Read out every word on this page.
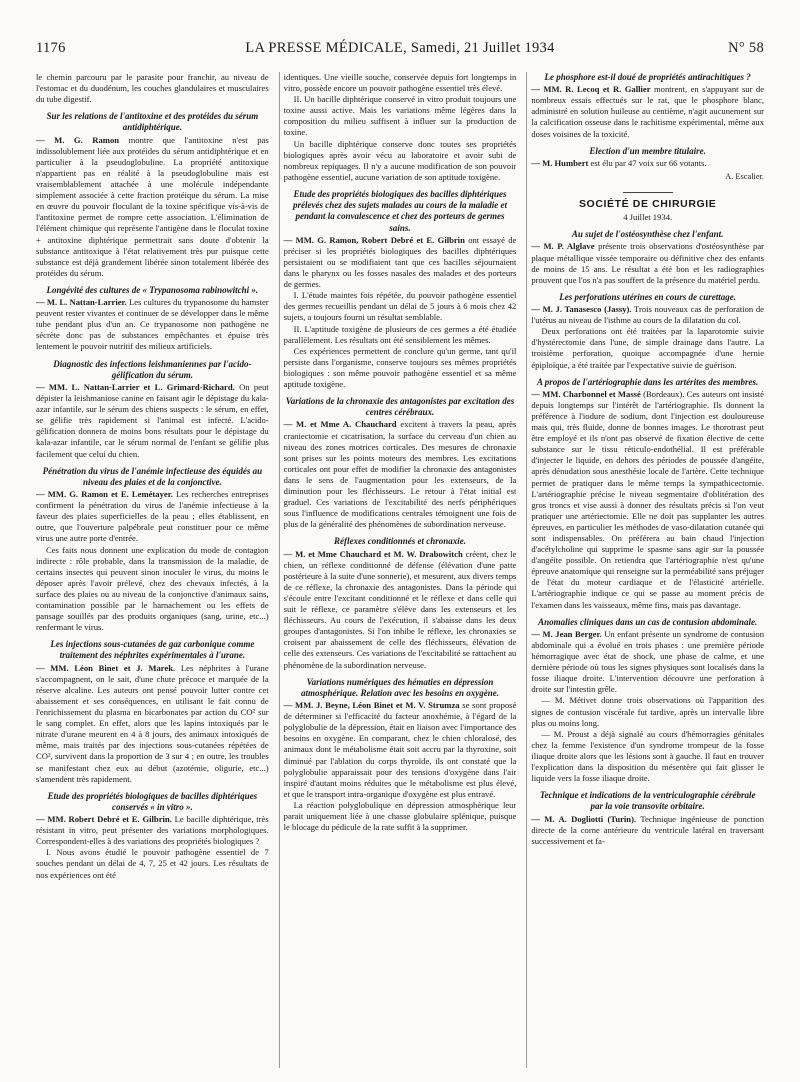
1176	LA PRESSE MÉDICALE, Samedi, 21 Juillet 1934	N° 58

le chemin parcouru par le parasite pour franchir, au niveau de l'estomac et du duodénum, les couches glandulaires et musculaires du tube digestif.

Sur les relations de l'antitoxine et des protéides du sérum antidiphtérique.

— M. G. Ramon montre que l'antitoxine n'est pas indissolublement liée aux protéides du sérum antidiphtérique et en particulier à la pseudoglobuline. La propriété antitoxique n'appartient pas en réalité à la pseudoglobuline mais est vraisemblablement attachée à une molécule indépendante simplement associée à cette fraction protéique du sérum. La mise en œuvre du pouvoir floculant de la toxine spécifique vis-à-vis de l'antitoxine permet de rompre cette association. L'élimination de l'élément chimique qui représente l'antigène dans le floculat toxine + antitoxine diphtérique permettrait sans doute d'obtenir la substance antitoxique à l'état relativement très pur puisque cette substance est déjà grandement libérée sinon totalement libérée des protéides du sérum.

Longévité des cultures de « Trypanosoma rabinowitchi ».

— M. L. Nattan-Larrier. Les cultures du trypanosome du hamster peuvent rester vivantes et continuer de se développer dans le même tube pendant plus d'un an. Ce trypanosome non pathogène ne sécrète donc pas de substances empêchantes et épuise très lentement le pouvoir nutritif des milieux artificiels.

Diagnostic des infections leishmaniennes par l'acido-gélification du sérum.

— MM. L. Nattan-Larrier et L. Grimard-Richard. On peut dépister la leishmaniose canine en faisant agir le dépistage du kala-azar infantile, sur le sérum des chiens suspects : le sérum, en effet, se gélifie très rapidement si l'animal est infecté. L'acido-gélification donnera de moins bons résultats pour le dépistage du kala-azar infantile, car le sérum normal de l'enfant se gélifie plus facilement que celui du chien.

Pénétration du virus de l'anémie infectieuse des équidés au niveau des plaies et de la conjonctive.

— MM. G. Ramon et E. Lemétayer. Les recherches entreprises confirment la pénétration du virus de l'anémie infectieuse à la faveur des plaies superficielles de la peau ; elles établissent, en outre, que l'ouverture palpébrale peut constituer pour ce même virus une autre porte d'entrée.

Ces faits nous donnent une explication du mode de contagion indirecte : rôle probable, dans la transmission de la maladie, de certains insectes qui peuvent sinon inoculer le virus, du moins le déposer après l'avoir prélevé, chez des chevaux infectés, à la surface des plaies ou au niveau de la conjonctive d'animaux sains, contamination possible par le harnachement ou les effets de pansage souillés par des produits organiques (sang, urine, etc...) renfermant le virus.

Les injections sous-cutanées de gaz carbonique comme traitement des néphrites expérimentales à l'urane.

— MM. Léon Binet et J. Marek. Les néphrites à l'urane s'accompagnent, on le sait, d'une chute précoce et marquée de la réserve alcaline. Les auteurs ont pensé pouvoir lutter contre cet abaissement et ses conséquences, en utilisant le fait connu de l'enrichissement du plasma en bicarbonates par action du CO² sur le sang complet. En effet, alors que les lapins intoxiqués par le nitrate d'urane meurent en 4 à 8 jours, des animaux intoxiqués de même, mais traités par des injections sous-cutanées répétées de CO², survivent dans la proportion de 3 sur 4 ; en outre, les troubles se manifestant chez eux au début (azotémie, oligurie, etc...) s'amendent très rapidement.

Etude des propriétés biologiques de bacilles diphtériques conservés « in vitro ».

— MM. Robert Debré et E. Gilbrin. Le bacille diphtérique, très résistant in vitro, peut présenter des variations morphologiques. Correspondent-elles à des variations des propriétés biologiques ?

I. Nous avons étudié le pouvoir pathogène essentiel de 7 souches pendant un délai de 4, 7, 25 et 42 jours. Les résultats de nos expériences ont été

identiques. Une vieille souche, conservée depuis fort longtemps in vitro, possède encore un pouvoir pathogène essentiel très élevé.

II. Un bacille diphtérique conservé in vitro produit toujours une toxine aussi active. Mais les variations même légères dans la composition du milieu suffisent à influer sur la production de toxine.

Un bacille diphtérique conserve donc toutes ses propriétés biologiques après avoir vécu au laboratoire et avoir subi de nombreux repiquages. Il n'y a aucune modification de son pouvoir pathogène essentiel, aucune variation de son aptitude toxigène.

Etude des propriétés biologiques des bacilles diphtériques prélevés chez des sujets malades au cours de la maladie et pendant la convalescence et chez des porteurs de germes sains.

— MM. G. Ramon, Robert Debré et E. Gilbrin ont essayé de préciser si les propriétés biologiques des bacilles diphtériques persistaient ou se modifiaient tant que ces bacilles séjournaient dans le pharynx ou les fosses nasales des malades et des porteurs de germes.

I. L'étude maintes fois répétée, du pouvoir pathogène essentiel des germes recueillis pendant un délai de 5 jours à 6 mois chez 42 sujets, a toujours fourni un résultat semblable.

II. L'aptitude toxigène de plusieurs de ces germes a été étudiée parallèlement. Les résultats ont été sensiblement les mêmes.

Ces expériences permettent de conclure qu'un germe, tant qu'il persiste dans l'organisme, conserve toujours ses mêmes propriétés biologiques : son même pouvoir pathogène essentiel et sa même aptitude toxigène.

Variations de la chronaxie des antagonistes par excitation des centres cérébraux.

— M. et Mme A. Chauchard excitent à travers la peau, après craniectomie et cicatrisation, la surface du cerveau d'un chien au niveau des zones motrices corticales. Des mesures de chronaxie sont prises sur les points moteurs des membres. Les excitations corticales ont pour effet de modifier la chronaxie des antagonistes dans le sens de l'augmentation pour les extenseurs, de la diminution pour les fléchisseurs. Le retour à l'état initial est graduel. Ces variations de l'excitabilité des nerfs périphériques sous l'influence de modifications centrales témoignent une fois de plus de la généralité des phénomènes de subordination nerveuse.

Réflexes conditionnés et chronaxie.

— M. et Mme Chauchard et M. W. Drabowitch créent, chez le chien, un réflexe conditionné de défense (élévation d'une patte postérieure à la suite d'une sonnerie), et mesurent, aux divers temps de ce réflexe, la chronaxie des antagonistes. Dans la période qui s'écoule entre l'excitant conditionné et le réflexe et dans celle qui suit le réflexe, ce paramètre s'élève dans les extenseurs et les fléchisseurs. Au cours de l'exécution, il s'abaisse dans les deux groupes d'antagonistes. Si l'on inhibe le réflexe, les chronaxies se croisent par abaissement de celle des fléchisseurs, élévation de celle des extenseurs. Ces variations de l'excitabilité se rattachent au phénomène de la subordination nerveuse.

Variations numériques des hématies en dépression atmosphérique. Relation avec les besoins en oxygène.

— MM. J. Beyne, Léon Binet et M. V. Strumza se sont proposé de déterminer si l'efficacité du facteur anoxhémie, à l'égard de la polyglobulie de la dépression, était en liaison avec l'importance des besoins en oxygène. En comparant, chez le chien chloralosé, des animaux dont le métabolisme était soit accru par la thyroxine, soit diminué par l'ablation du corps thyroïde, ils ont constaté que la polyglobulie apparaissait pour des tensions d'oxygène dans l'air inspiré d'autant moins réduites que le métabolisme est plus élevé, et que le transport intra-organique d'oxygène est plus entravé.

La réaction polyglobulique en dépression atmosphérique leur parait uniquement liée à une chasse globulaire splénique, puisque le blocage du pédicule de la rate suffit à la supprimer.

Le phosphore est-il doué de propriétés antirachitiques ?

— MM. R. Lecoq et R. Gallier montrent, en s'appuyant sur de nombreux essais effectués sur le rat, que le phosphore blanc, administré en solution huileuse au centième, n'agit aucunement sur la calcification osseuse dans le rachitisme expérimental, même aux doses voisines de la toxicité.

Election d'un membre titulaire.

— M. Humbert est élu par 47 voix sur 66 votants.

A. Escalier.
SOCIÉTÉ DE CHIRURGIE
4 Juillet 1934.
Au sujet de l'ostéosynthèse chez l'enfant.

— M. P. Alglave présente trois observations d'ostéosynthèse par plaque métallique vissée temporaire ou définitive chez des enfants de moins de 15 ans. Le résultat a été bon et les radiographies prouvent que l'os n'a pas souffert de la présence du matériel perdu.

Les perforations utérines en cours de curettage.

— M. J. Tanasesco (Jassy). Trois nouveaux cas de perforation de l'utérus au niveau de l'isthme au cours de la dilatation du col.

Deux perforations ont été traitées par la laparotomie suivie d'hystérectomie dans l'une, de simple drainage dans l'autre. La troisième perforation, quoique accompagnée d'une hernie épiploïque, a été traitée par l'expectative suivie de guérison.

A propos de l'artériographie dans les artérites des membres.

— MM. Charbonnel et Massé (Bordeaux). Ces auteurs ont insisté depuis longtemps sur l'intérêt de l'artériographie. Ils donnent la préférence à l'iodure de sodium, dont l'injection est douloureuse mais qui, très fluide, donne de bonnes images. Le thorotrast peut être employé et ils n'ont pas observé de fixation élective de cette substance sur le tissu réticulo-endothélial. Il est préférable d'injecter le liquide, en dehors des périodes de poussée d'angéite, après dénudation sous anesthésie locale de l'artère. Cette technique permet de pratiquer dans le même temps la sympathicectomie. L'artériographie précise le niveau segmentaire d'oblitération des gros troncs et vise aussi à donner des résultats précis si l'on veut pratiquer une artériectomie. Elle ne doit pas supplanter les autres épreuves, en particulier les méthodes de vaso-dilatation cutanée qui sont indispensables. On préférera au bain chaud l'injection d'acétylcholine qui supprime le spasme sans agir sur la poussée d'angéite possible. On retiendra que l'artériographie n'est qu'une épreuve anatomique qui renseigne sur la perméabilité sans préjuger de l'état du moteur cardiaque et de l'élasticité artérielle. L'artériographie indique ce qui se passe au moment précis de l'examen dans les vaisseaux, même fins, mais pas davantage.

Anomalies cliniques dans un cas de contusion abdominale.

— M. Jean Berger. Un enfant présente un syndrome de contusion abdominale qui a évolué en trois phases : une première période hémorragique avec état de shock, une phase de calme, et une dernière période où tous les signes physiques sont localisés dans la fosse iliaque droite. L'intervention découvre une perforation à droite sur l'intestin grêle.

— M. Métivet donne trois observations où l'apparition des signes de contusion viscérale fut tardive, après un intervalle libre plus ou moins long.

— M. Proust a déjà signalé au cours d'hémorragies génitales chez la femme l'existence d'un syndrome trompeur de la fosse iliaque droite alors que les lésions sont à gauche. Il faut en trouver l'explication dans la disposition du mésentère qui fait glisser le liquide vers la fosse iliaque droite.

Technique et indications de la ventriculographie cérébrale par la voie transovite orbitaire.

— M. A. Dogliotti (Turin). Technique ingénieuse de ponction directe de la corne antérieure du ventricule latéral en traversant successivement et fa-
